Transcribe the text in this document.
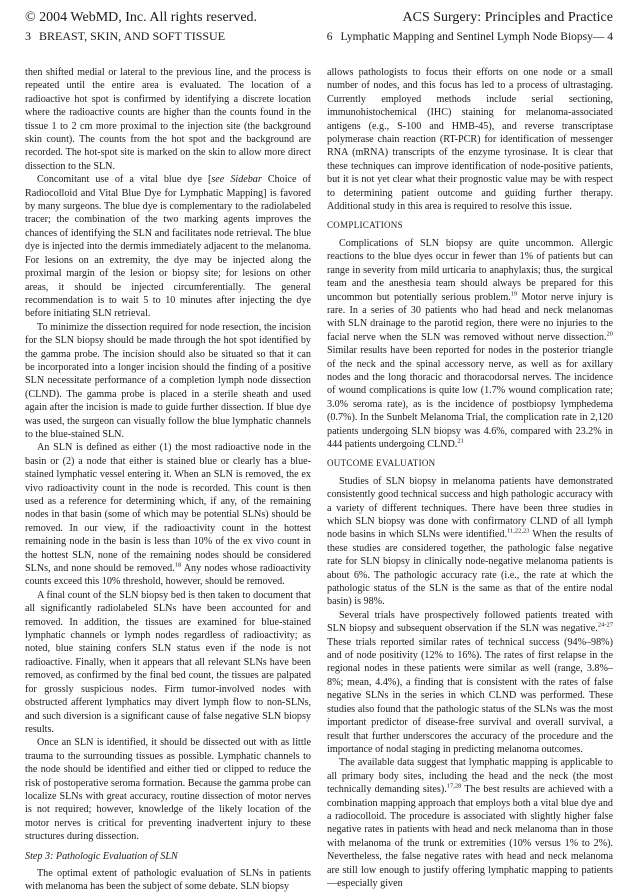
© 2004 WebMD, Inc. All rights reserved.	ACS Surgery: Principles and Practice
3 BREAST, SKIN, AND SOFT TISSUE	6 Lymphatic Mapping and Sentinel Lymph Node Biopsy— 4

then shifted medial or lateral to the previous line, and the process is repeated until the entire area is evaluated. The location of a radioactive hot spot is confirmed by identifying a discrete location where the radioactive counts are higher than the counts found in the tissue 1 to 2 cm more proximal to the injection site (the background skin count). The counts from the hot spot and the background are recorded. The hot-spot site is marked on the skin to allow more direct dissection to the SLN.

Concomitant use of a vital blue dye [see Sidebar Choice of Radiocolloid and Vital Blue Dye for Lymphatic Mapping] is favored by many surgeons. The blue dye is complementary to the radiolabeled tracer; the combination of the two marking agents improves the chances of identifying the SLN and facilitates node retrieval. The blue dye is injected into the dermis immediately adjacent to the melanoma. For lesions on an extremity, the dye may be injected along the proximal margin of the lesion or biopsy site; for lesions on other areas, it should be injected circumferentially. The general recommendation is to wait 5 to 10 minutes after injecting the dye before initiating SLN retrieval.

To minimize the dissection required for node resection, the incision for the SLN biopsy should be made through the hot spot identified by the gamma probe. The incision should also be situated so that it can be incorporated into a longer incision should the finding of a positive SLN necessitate performance of a completion lymph node dissection (CLND). The gamma probe is placed in a sterile sheath and used again after the incision is made to guide further dissection. If blue dye was used, the surgeon can visually follow the blue lymphatic channels to the blue-stained SLN.

An SLN is defined as either (1) the most radioactive node in the basin or (2) a node that either is stained blue or clearly has a blue-stained lymphatic vessel entering it. When an SLN is removed, the ex vivo radioactivity count in the node is recorded. This count is then used as a reference for determining which, if any, of the remaining nodes in that basin (some of which may be potential SLNs) should be removed. In our view, if the radioactivity count in the hottest remaining node in the basin is less than 10% of the ex vivo count in the hottest SLN, none of the remaining nodes should be considered SLNs, and none should be removed.$^{18}$ Any nodes whose radioactivity counts exceed this 10% threshold, however, should be removed.

A final count of the SLN biopsy bed is then taken to document that all significantly radiolabeled SLNs have been accounted for and removed. In addition, the tissues are examined for blue-stained lymphatic channels or lymph nodes regardless of radioactivity; as noted, blue staining confers SLN status even if the node is not radioactive. Finally, when it appears that all relevant SLNs have been removed, as confirmed by the final bed count, the tissues are palpated for grossly suspicious nodes. Firm tumor-involved nodes with obstructed afferent lymphatics may divert lymph flow to non-SLNs, and such diversion is a significant cause of false negative SLN biopsy results.

Once an SLN is identified, it should be dissected out with as little trauma to the surrounding tissues as possible. Lymphatic channels to the node should be identified and either tied or clipped to reduce the risk of postoperative seroma formation. Because the gamma probe can localize SLNs with great accuracy, routine dissection of motor nerves is not required; however, knowledge of the likely location of the motor nerves is critical for preventing inadvertent injury to these structures during dissection.

Step 3: Pathologic Evaluation of SLN

The optimal extent of pathologic evaluation of SLNs in patients with melanoma has been the subject of some debate. SLN biopsy

allows pathologists to focus their efforts on one node or a small number of nodes, and this focus has led to a process of ultrastaging. Currently employed methods include serial sectioning, immunohistochemical (IHC) staining for melanoma-associated antigens (e.g., S-100 and HMB-45), and reverse transcriptase polymerase chain reaction (RT-PCR) for identification of messenger RNA (mRNA) transcripts of the enzyme tyrosinase. It is clear that these techniques can improve identification of node-positive patients, but it is not yet clear what their prognostic value may be with respect to determining patient outcome and guiding further therapy. Additional study in this area is required to resolve this issue.

COMPLICATIONS

Complications of SLN biopsy are quite uncommon. Allergic reactions to the blue dyes occur in fewer than 1% of patients but can range in severity from mild urticaria to anaphylaxis; thus, the surgical team and the anesthesia team should always be prepared for this uncommon but potentially serious problem.$^{19}$ Motor nerve injury is rare. In a series of 30 patients who had head and neck melanomas with SLN drainage to the parotid region, there were no injuries to the facial nerve when the SLN was removed without nerve dissection.$^{20}$ Similar results have been reported for nodes in the posterior triangle of the neck and the spinal accessory nerve, as well as for axillary nodes and the long thoracic and thoracodorsal nerves. The incidence of wound complications is quite low (1.7% wound complication rate; 3.0% seroma rate), as is the incidence of postbiopsy lymphedema (0.7%). In the Sunbelt Melanoma Trial, the complication rate in 2,120 patients undergoing SLN biopsy was 4.6%, compared with 23.2% in 444 patients undergoing CLND.$^{21}$

OUTCOME EVALUATION

Studies of SLN biopsy in melanoma patients have demonstrated consistently good technical success and high pathologic accuracy with a variety of different techniques. There have been three studies in which SLN biopsy was done with confirmatory CLND of all lymph node basins in which SLNs were identified.$^{11,22,23}$ When the results of these studies are considered together, the pathologic false negative rate for SLN biopsy in clinically node-negative melanoma patients is about 6%. The pathologic accuracy rate (i.e., the rate at which the pathologic status of the SLN is the same as that of the entire nodal basin) is 98%.

Several trials have prospectively followed patients treated with SLN biopsy and subsequent observation if the SLN was negative.$^{24-27}$ These trials reported similar rates of technical success (94%–98%) and of node positivity (12% to 16%). The rates of first relapse in the regional nodes in these patients were similar as well (range, 3.8%–8%; mean, 4.4%), a finding that is consistent with the rates of false negative SLNs in the series in which CLND was performed. These studies also found that the pathologic status of the SLNs was the most important predictor of disease-free survival and overall survival, a result that further underscores the accuracy of the procedure and the importance of nodal staging in predicting melanoma outcomes.

The available data suggest that lymphatic mapping is applicable to all primary body sites, including the head and the neck (the most technically demanding sites).$^{17,28}$ The best results are achieved with a combination mapping approach that employs both a vital blue dye and a radiocolloid. The procedure is associated with slightly higher false negative rates in patients with head and neck melanoma than in those with melanoma of the trunk or extremities (10% versus 1% to 2%). Nevertheless, the false negative rates with head and neck melanoma are still low enough to justify offering lymphatic mapping to patients—especially given
